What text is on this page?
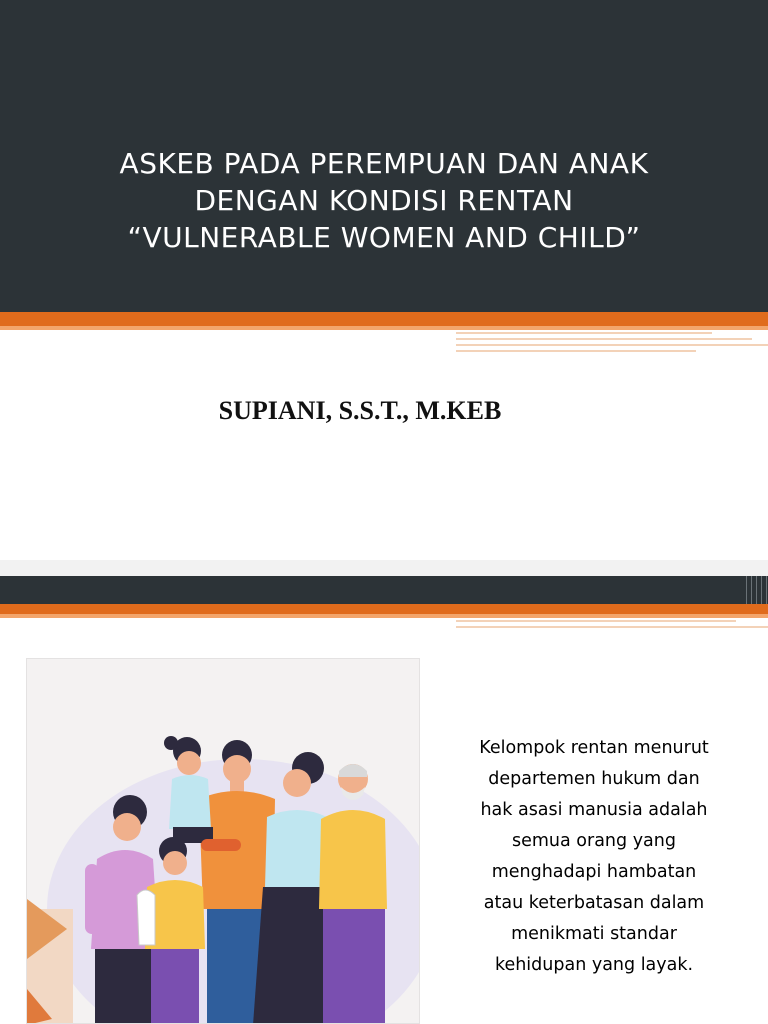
ASKEB PADA PEREMPUAN DAN ANAK
DENGAN KONDISI RENTAN
“VULNERABLE WOMEN AND CHILD”

SUPIANI, S.S.T., M.KEB

Kelompok rentan menurut
departemen hukum dan
hak asasi manusia adalah
semua orang yang
menghadapi hambatan
atau keterbatasan dalam
menikmati standar
kehidupan yang layak.
